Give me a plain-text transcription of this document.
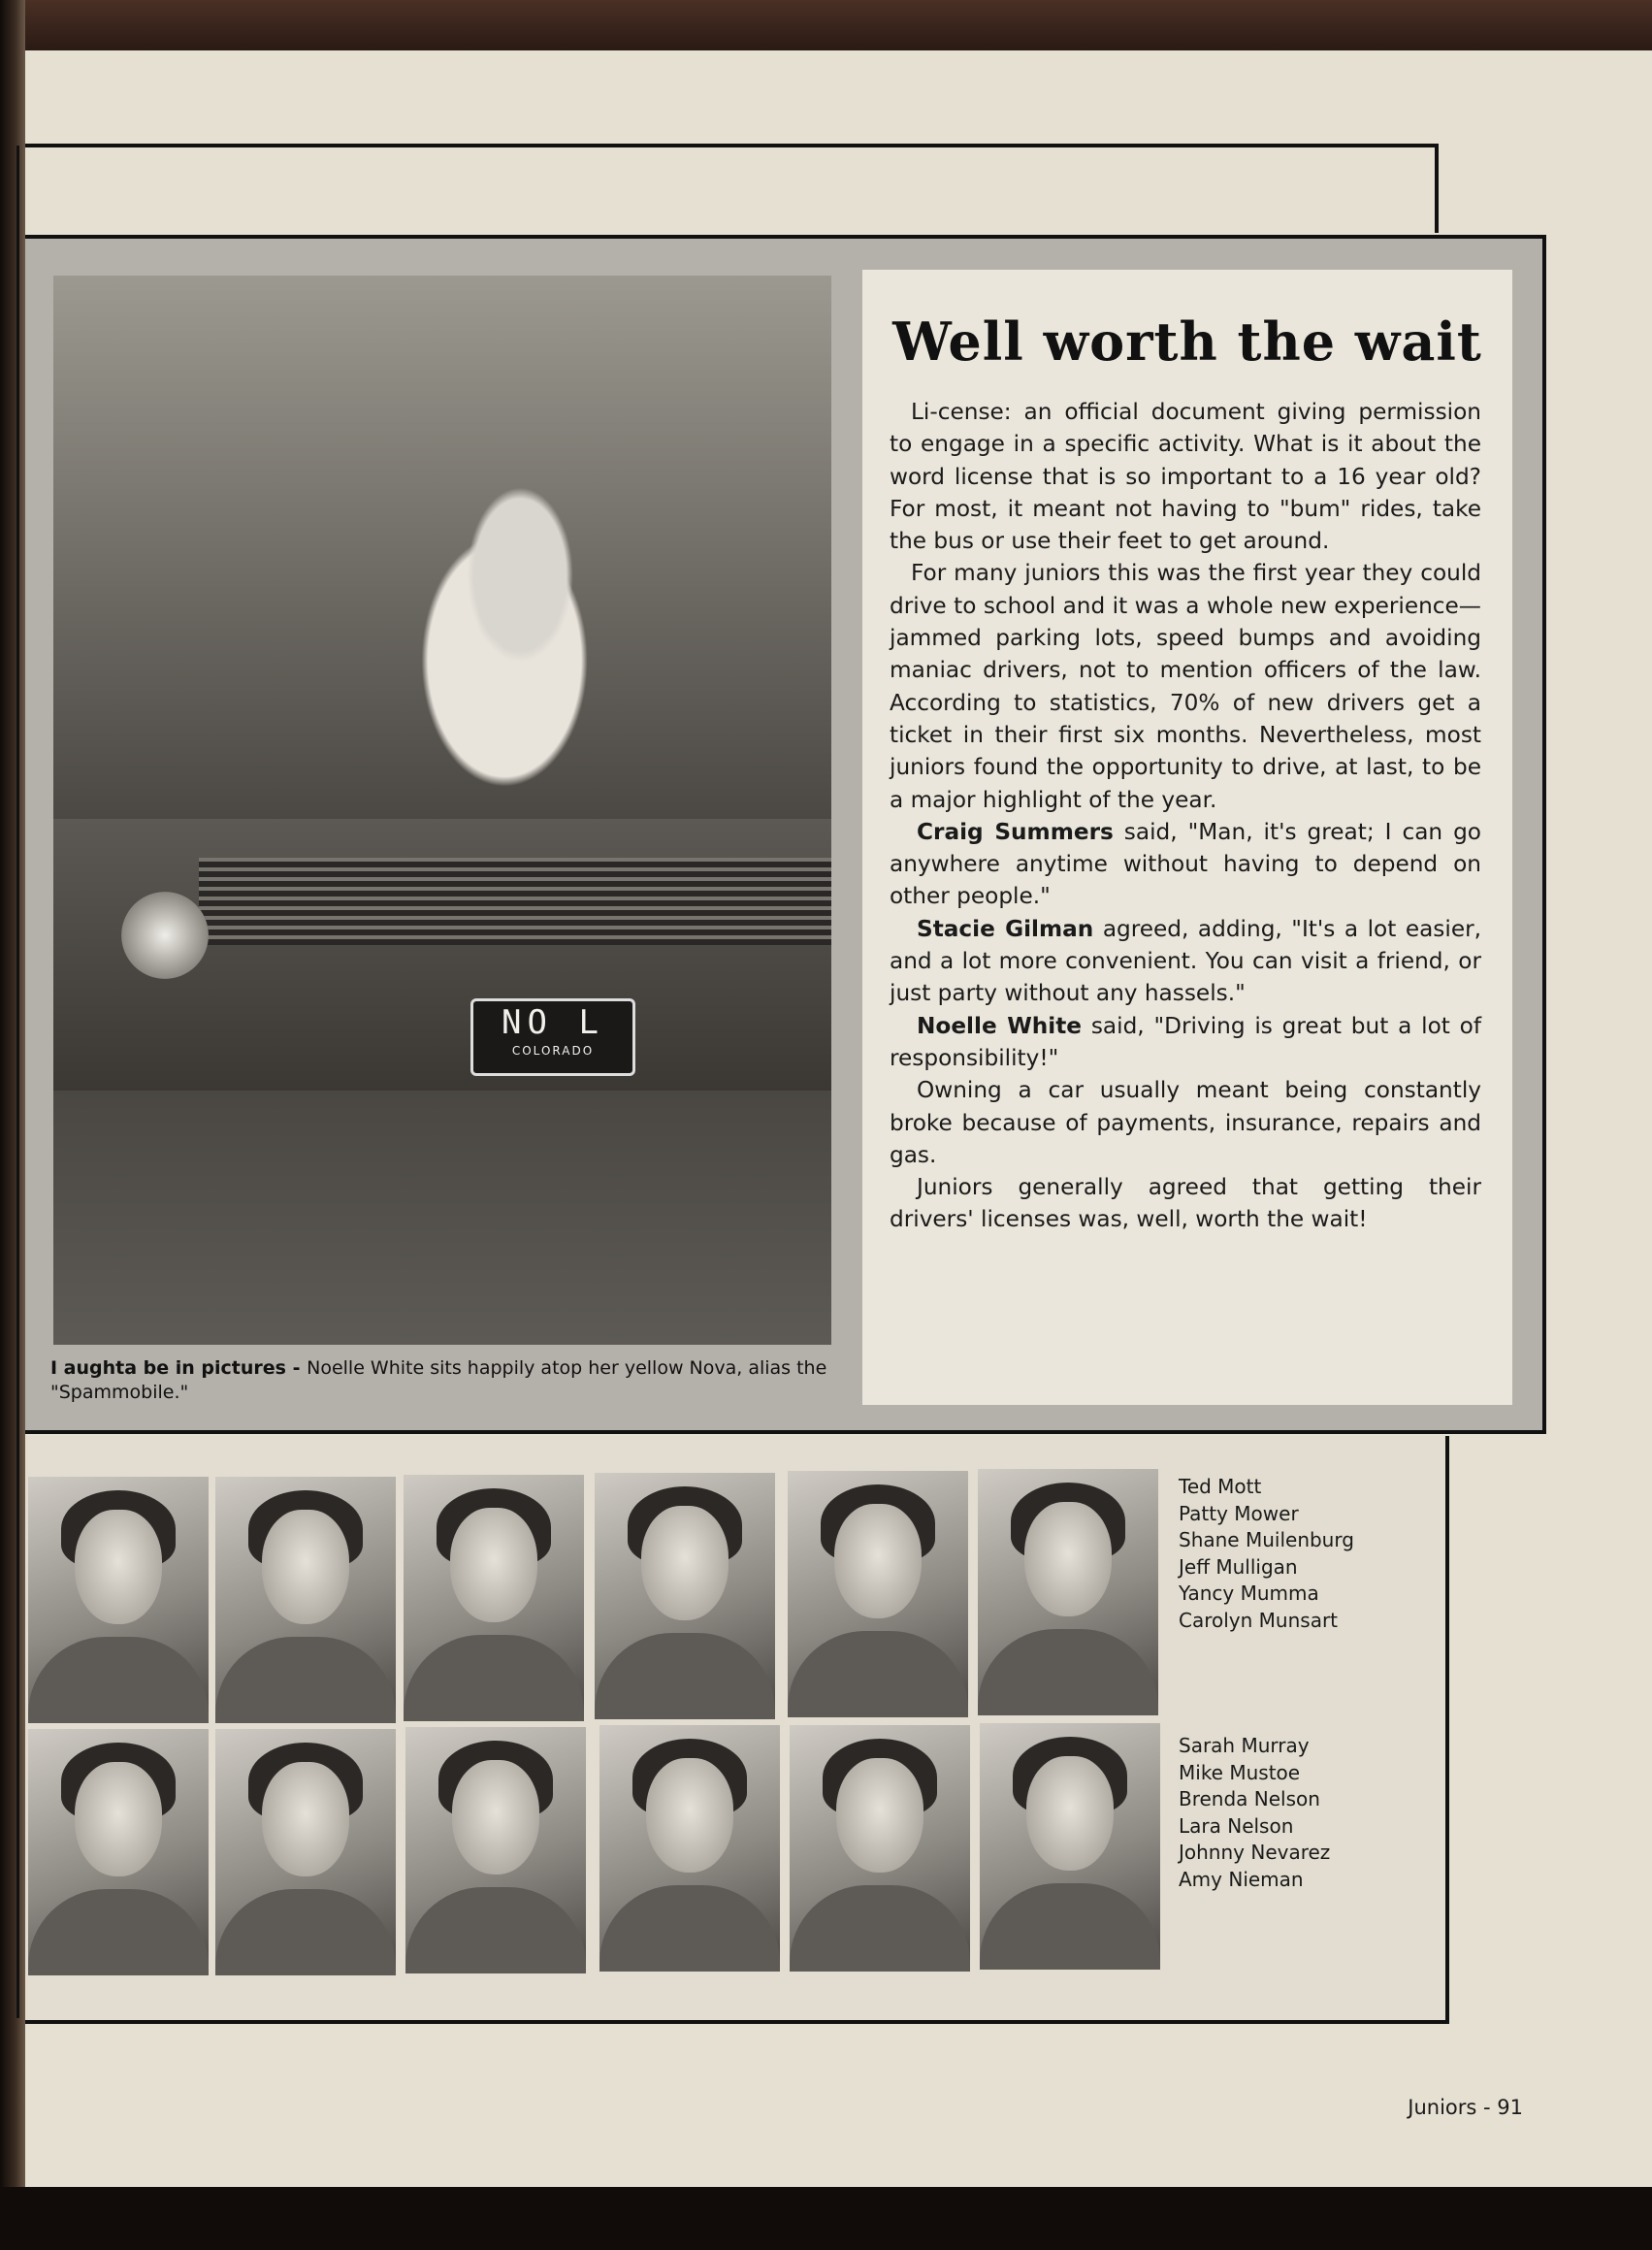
NO L
COLORADO
I aughta be in pictures - Noelle White sits happily atop her yellow Nova, alias the "Spammobile."
Well worth the wait

Li-cense: an official document giving permission to engage in a specific activity. What is it about the word license that is so important to a 16 year old? For most, it meant not having to "bum" rides, take the bus or use their feet to get around.

For many juniors this was the first year they could drive to school and it was a whole new experience—jammed parking lots, speed bumps and avoiding maniac drivers, not to mention officers of the law. According to statistics, 70% of new drivers get a ticket in their first six months. Nevertheless, most juniors found the opportunity to drive, at last, to be a major highlight of the year.

Craig Summers said, "Man, it's great; I can go anywhere anytime without having to depend on other people."

Stacie Gilman agreed, adding, "It's a lot easier, and a lot more convenient. You can visit a friend, or just party without any hassels."

Noelle White said, "Driving is great but a lot of responsibility!"

Owning a car usually meant being constantly broke because of payments, insurance, repairs and gas.

Juniors generally agreed that getting their drivers' licenses was, well, worth the wait!

Ted Mott
Patty Mower
Shane Muilenburg
Jeff Mulligan
Yancy Mumma
Carolyn Munsart
Sarah Murray
Mike Mustoe
Brenda Nelson
Lara Nelson
Johnny Nevarez
Amy Nieman
Juniors - 91
